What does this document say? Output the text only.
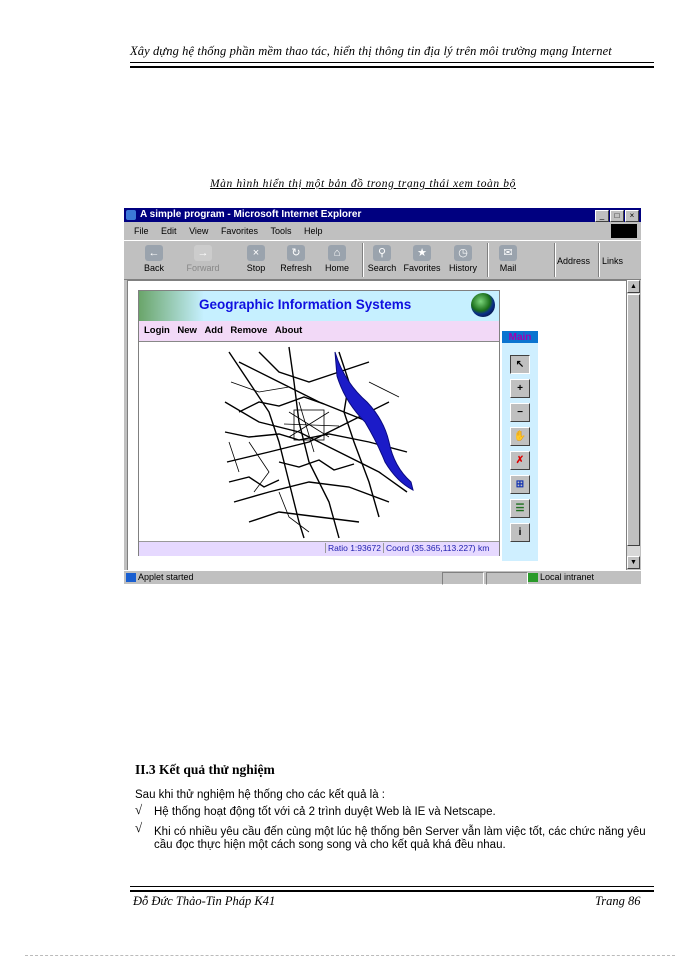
Xây dựng hệ thống phần mềm thao tác, hiển thị thông tin địa lý trên môi trường mạng Internet
Màn hình hiển thị một bản đồ trong trạng thái xem toàn bộ
A simple program - Microsoft Internet Explorer	_	□	×
File Edit View Favorites Tools Help
←
Back
→
Forward
×
Stop
↻
Refresh
⌂
Home
⚲
Search
★
Favorites
◷
History
✉
Mail
Address Links
Geographic Information Systems
Login New Add Remove About
Ratio 1:93672 Coord (35.365,113.227) km
Main
↖
+
−
✋
✗
⊞
☰
i
▲
▼
Applet started	Local intranet
II.3 Kết quả thử nghiệm
Sau khi thử nghiệm hệ thống cho các kết quả là :
√ Hệ thống hoạt động tốt với cả 2 trình duyệt Web là IE và Netscape.
√ Khi có nhiều yêu cầu đến cùng một lúc hệ thống bên Server vẫn làm việc tốt, các chức năng yêu cầu đọc thực hiện một cách song song và cho kết quả khá đều nhau.
Đỗ Đức Thảo-Tin Pháp K41	Trang 86
